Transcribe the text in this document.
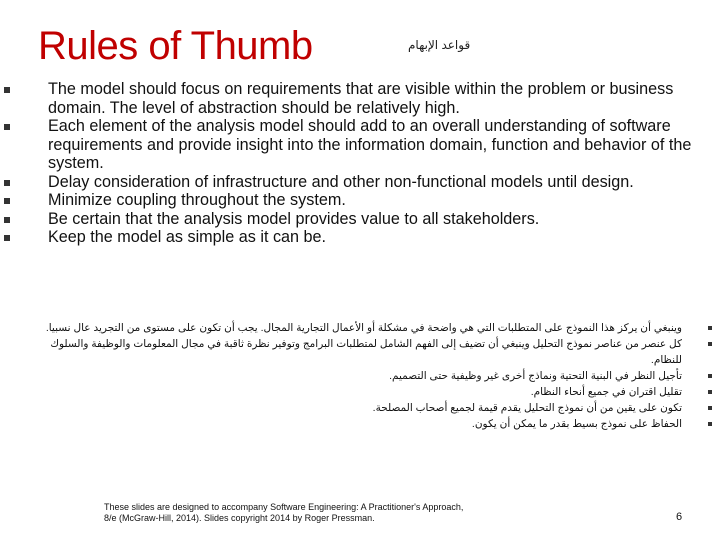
Rules of Thumb	قواعد الإبهام
The model should focus on requirements that are visible within the problem or business domain. The level of abstraction should be relatively high.
Each element of the analysis model should add to an overall understanding of software requirements and provide insight into the information domain, function and behavior of the system.
Delay consideration of infrastructure and other non-functional models until design.
Minimize coupling throughout the system.
Be certain that the analysis model provides value to all stakeholders.
Keep the model as simple as it can be.
وينبغي أن يركز هذا النموذج على المتطلبات التي هي واضحة في مشكلة أو الأعمال التجارية المجال. يجب أن تكون على مستوى من التجريد عال نسبيا.
كل عنصر من عناصر نموذج التحليل وينبغي أن تضيف إلى الفهم الشامل لمتطلبات البرامج وتوفير نظرة ثاقبة في مجال المعلومات والوظيفة والسلوك للنظام.
تأجيل النظر في البنية التحتية ونماذج أخرى غير وظيفية حتى التصميم.
تقليل اقتران في جميع أنحاء النظام.
تكون على يقين من أن نموذج التحليل يقدم قيمة لجميع أصحاب المصلحة.
الحفاظ على نموذج بسيط بقدر ما يمكن أن يكون.
These slides are designed to accompany Software Engineering: A Practitioner's Approach,
8/e (McGraw-Hill, 2014). Slides copyright 2014 by Roger Pressman.	6
